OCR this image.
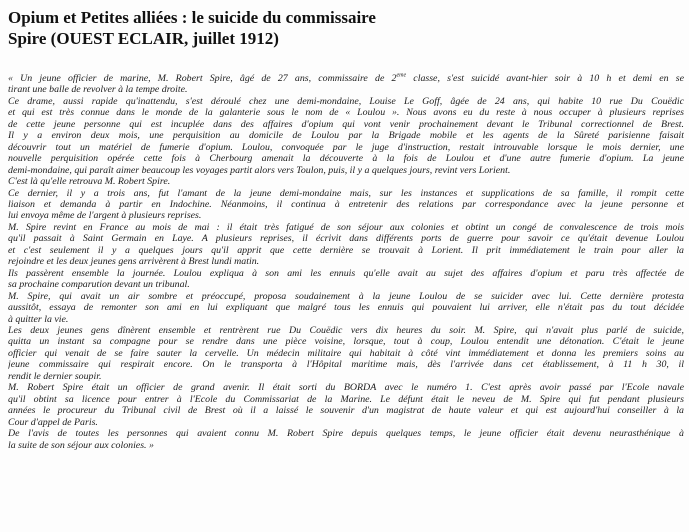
Opium et Petites alliées : le suicide du commissaire
Spire (OUEST ECLAIR, juillet 1912)
« Un jeune officier de marine, M. Robert Spire, âgé de 27 ans, commissaire de 2ème classe, s'est suicidé avant-hier soir à 10 h et demi en se
tirant une balle de revolver à la tempe droite.
Ce drame, aussi rapide qu'inattendu, s'est déroulé chez une demi-mondaine, Louise Le Goff, âgée de 24 ans, qui habite 10 rue Du Couëdic
et qui est très connue dans le monde de la galanterie sous le nom de « Loulou ». Nous avons eu du reste à nous occuper à plusieurs reprises
de cette jeune personne qui est incuplée dans des affaires d'opium qui vont venir prochainement devant le Tribunal correctionnel de Brest.
Il y a environ deux mois, une perquisition au domicile de Loulou par la Brigade mobile et les agents de la Sûreté parisienne faisait
découvrir tout un matériel de fumerie d'opium. Loulou, convoquée par le juge d'instruction, restait introuvable lorsque le mois dernier, une
nouvelle perquisition opérée cette fois à Cherbourg amenait la découverte à la fois de Loulou et d'une autre fumerie d'opium. La jeune
demi-mondaine, qui paraît aimer beaucoup les voyages partit alors vers Toulon, puis, il y a quelques jours, revint vers Lorient.
C'est là qu'elle retrouva M. Robert Spire.
Ce dernier, il y a trois ans, fut l'amant de la jeune demi-mondaine mais, sur les instances et supplications de sa famille, il rompit cette
liaison et demanda à partir en Indochine. Néanmoins, il continua à entretenir des relations par correspondance avec la jeune personne et
lui envoya même de l'argent à plusieurs reprises.
M. Spire revint en France au mois de mai : il était très fatigué de son séjour aux colonies et obtint un congé de convalescence de trois mois
qu'il passait à Saint Germain en Laye. A plusieurs reprises, il écrivit dans différents ports de guerre pour savoir ce qu'était devenue Loulou
et c'est seulement il y a quelques jours qu'il apprit que cette dernière se trouvait à Lorient. Il prit immédiatement le train pour aller la
rejoindre et les deux jeunes gens arrivèrent à Brest lundi matin.
Ils passèrent ensemble la journée. Loulou expliqua à son ami les ennuis qu'elle avait au sujet des affaires d'opium et paru très affectée de
sa prochaine comparution devant un tribunal.
M. Spire, qui avait un air sombre et préoccupé, proposa soudainement à la jeune Loulou de se suicider avec lui. Cette dernière protesta
aussitôt, essaya de remonter son ami en lui expliquant que malgré tous les ennuis qui pouvaient lui arriver, elle n'était pas du tout décidée
à quitter la vie.
Les deux jeunes gens dînèrent ensemble et rentrèrent rue Du Couëdic vers dix heures du soir. M. Spire, qui n'avait plus parlé de suicide,
quitta un instant sa compagne pour se rendre dans une pièce voisine, lorsque, tout à coup, Loulou entendit une détonation. C'était le jeune
officier qui venait de se faire sauter la cervelle. Un médecin militaire qui habitait à côté vint immédiatement et donna les premiers soins au
jeune commissaire qui respirait encore. On le transporta à l'Hôpital maritime mais, dès l'arrivée dans cet établissement, à 11 h 30, il
rendit le dernier soupir.
M. Robert Spire était un officier de grand avenir. Il était sorti du BORDA avec le numéro 1. C'est après avoir passé par l'Ecole navale
qu'il obtint sa licence pour entrer à l'Ecole du Commissariat de la Marine. Le défunt était le neveu de M. Spire qui fut pendant plusieurs
années le procureur du Tribunal civil de Brest où il a laissé le souvenir d'un magistrat de haute valeur et qui est aujourd'hui conseiller à la
Cour d'appel de Paris.
De l'avis de toutes les personnes qui avaient connu M. Robert Spire depuis quelques temps, le jeune officier était devenu neurasthénique à
la suite de son séjour aux colonies. »
